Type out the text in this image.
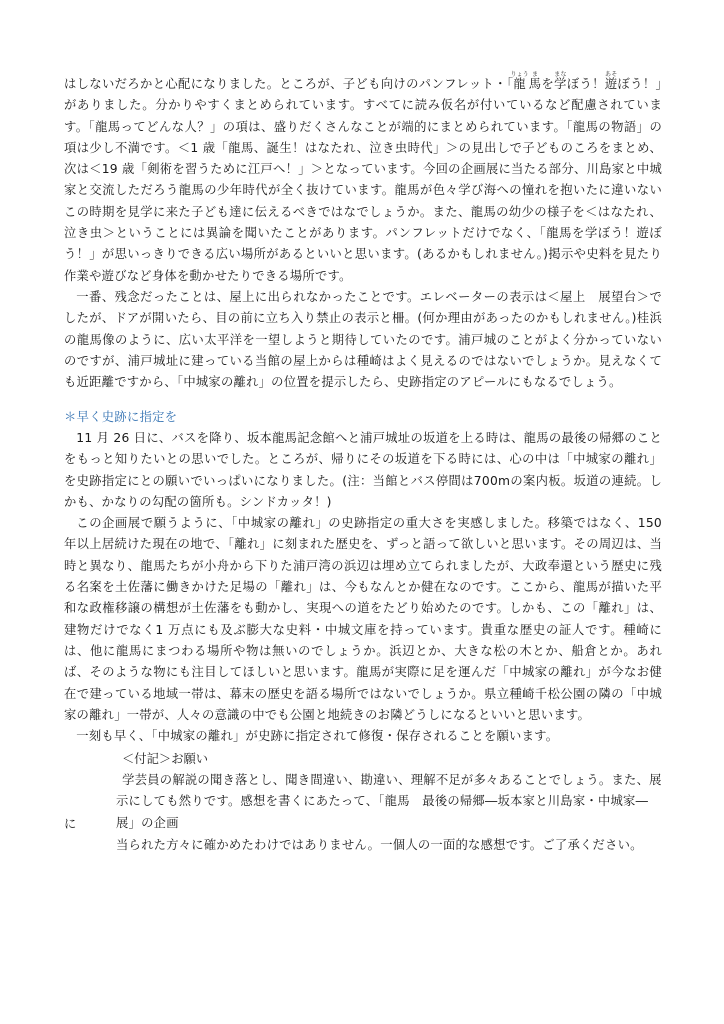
はしないだろかと心配になりました。ところが、子ども向けのパンフレット・「龍りょう馬まを学まなぼう！遊あそぼう！」がありました。分かりやすくまとめられています。すべてに読み仮名が付いているなど配慮されています。「龍馬ってどんな人？」の項は、盛りだくさんなことが端的にまとめられています。「龍馬の物語」の項は少し不満です。＜1 歳「龍馬、誕生！はなたれ、泣き虫時代」＞の見出しで子どものころをまとめ、次は＜19 歳「剣術を習うために江戸へ！」＞となっています。今回の企画展に当たる部分、川島家と中城家と交流しただろう龍馬の少年時代が全く抜けています。龍馬が色々学び海への憧れを抱いたに違いないこの時期を見学に来た子ども達に伝えるべきではなでしょうか。また、龍馬の幼少の様子を＜はなたれ、泣き虫＞ということには異論を聞いたことがあります。パンフレットだけでなく、「龍馬を学ぼう！遊ぼう！」が思いっきりできる広い場所があるといいと思います。(あるかもしれません。)掲示や史料を見たり作業や遊びなど身体を動かせたりできる場所です。

一番、残念だったことは、屋上に出られなかったことです。エレベーターの表示は＜屋上　展望台＞でしたが、ドアが開いたら、目の前に立ち入り禁止の表示と柵。(何か理由があったのかもしれません。)桂浜の龍馬像のように、広い太平洋を一望しようと期待していたのです。浦戸城のことがよく分かっていないのですが、浦戸城址に建っている当館の屋上からは種崎はよく見えるのではないでしょうか。見えなくても近距離ですから、「中城家の離れ」の位置を提示したら、史跡指定のアピールにもなるでしょう。

＊早く史跡に指定を

11 月 26 日に、バスを降り、坂本龍馬記念館へと浦戸城址の坂道を上る時は、龍馬の最後の帰郷のことをもっと知りたいとの思いでした。ところが、帰りにその坂道を下る時には、心の中は「中城家の離れ」を史跡指定にとの願いでいっぱいになりました。(注：当館とバス停間は700mの案内板。坂道の連続。しかも、かなりの勾配の箇所も。シンドカッタ！)

この企画展で願うように、「中城家の離れ」の史跡指定の重大さを実感しました。移築ではなく、150 年以上居続けた現在の地で、「離れ」に刻まれた歴史を、ずっと語って欲しいと思います。その周辺は、当時と異なり、龍馬たちが小舟から下りた浦戸湾の浜辺は埋め立てられましたが、大政奉還という歴史に残る名案を土佐藩に働きかけた足場の「離れ」は、今もなんとか健在なのです。ここから、龍馬が描いた平和な政権移譲の構想が土佐藩をも動かし、実現への道をたどり始めたのです。しかも、この「離れ」は、建物だけでなく1 万点にも及ぶ膨大な史料・中城文庫を持っています。貴重な歴史の証人です。種崎には、他に龍馬にまつわる場所や物は無いのでしょうか。浜辺とか、大きな松の木とか、船倉とか。あれば、そのような物にも注目してほしいと思います。龍馬が実際に足を運んだ「中城家の離れ」が今なお健在で建っている地域一帯は、幕末の歴史を語る場所ではないでしょうか。県立種崎千松公園の隣の「中城家の離れ」一帯が、人々の意識の中でも公園と地続きのお隣どうしになるといいと思います。

一刻も早く、「中城家の離れ」が史跡に指定されて修復・保存されることを願います。

＜付記＞お願い

学芸員の解説の聞き落とし、聞き間違い、勘違い、理解不足が多々あることでしょう。また、展示にしても然りです。感想を書くにあたって、「龍馬　最後の帰郷―坂本家と川島家・中城家―展」の企画

に

当られた方々に確かめたわけではありません。一個人の一面的な感想です。ご了承ください。
